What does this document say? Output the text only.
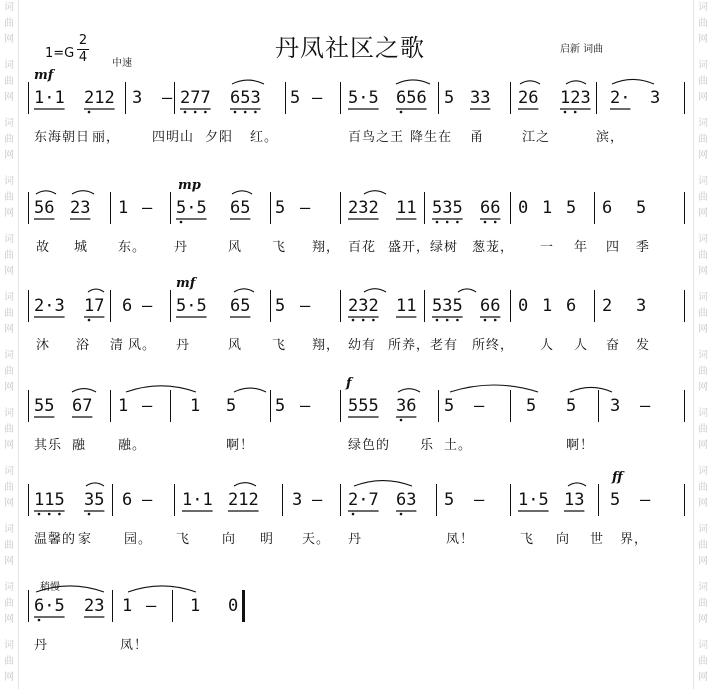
词
曲
网
词
曲
网
词
曲
网
词
曲
网
词
曲
网
词
曲
网
词
曲
网
词
曲
网
词
曲
网
词
曲
网
词
曲
网
词
曲
网
词
曲
网
词
曲
网
词
曲
网
词
曲
网
词
曲
网
词
曲
网
词
曲
网
词
曲
网
词
曲
网
词
曲
网
词
曲
网
词
曲
网
丹凤社区之歌
1=G
2
4 中速
启新 词曲
mf
1·1 212 3 – 277 653 5 – 5·5 656 5 33 26 123 2· 3
东海朝日 丽， 四明山 夕阳 红。	百鸟之王 降生在 甬	江之	滨，
mp
56 23 1 – 5·5 65 5 – 232 11 535 66 0 1 5 6 5
故 城 东。 丹	风 飞 翔， 百花 盛开，绿树 葱茏， 一 年 四 季
mf
2·3 17 6 – 5·5 65 5 – 232 11 535 66 0 1 6 2 3
沐 浴 清 风。 丹	风 飞 翔， 幼有 所养，老有 所终， 人 人 奋 发
f
55 67 1 – 1 5 5 – 555 36 5 – 5 5 3 –
其乐 融 融。	啊！	绿色的 乐 土。	啊！
ff
115 35 6 – 1·1 212 3 – 2·7 63 5 – 1·5 13 5 –
温馨的 家 园。 飞 向 明 天。 丹	凤！	飞 向 世 界，
稍慢
6·5 23 1 – 1 0
丹	凤！
